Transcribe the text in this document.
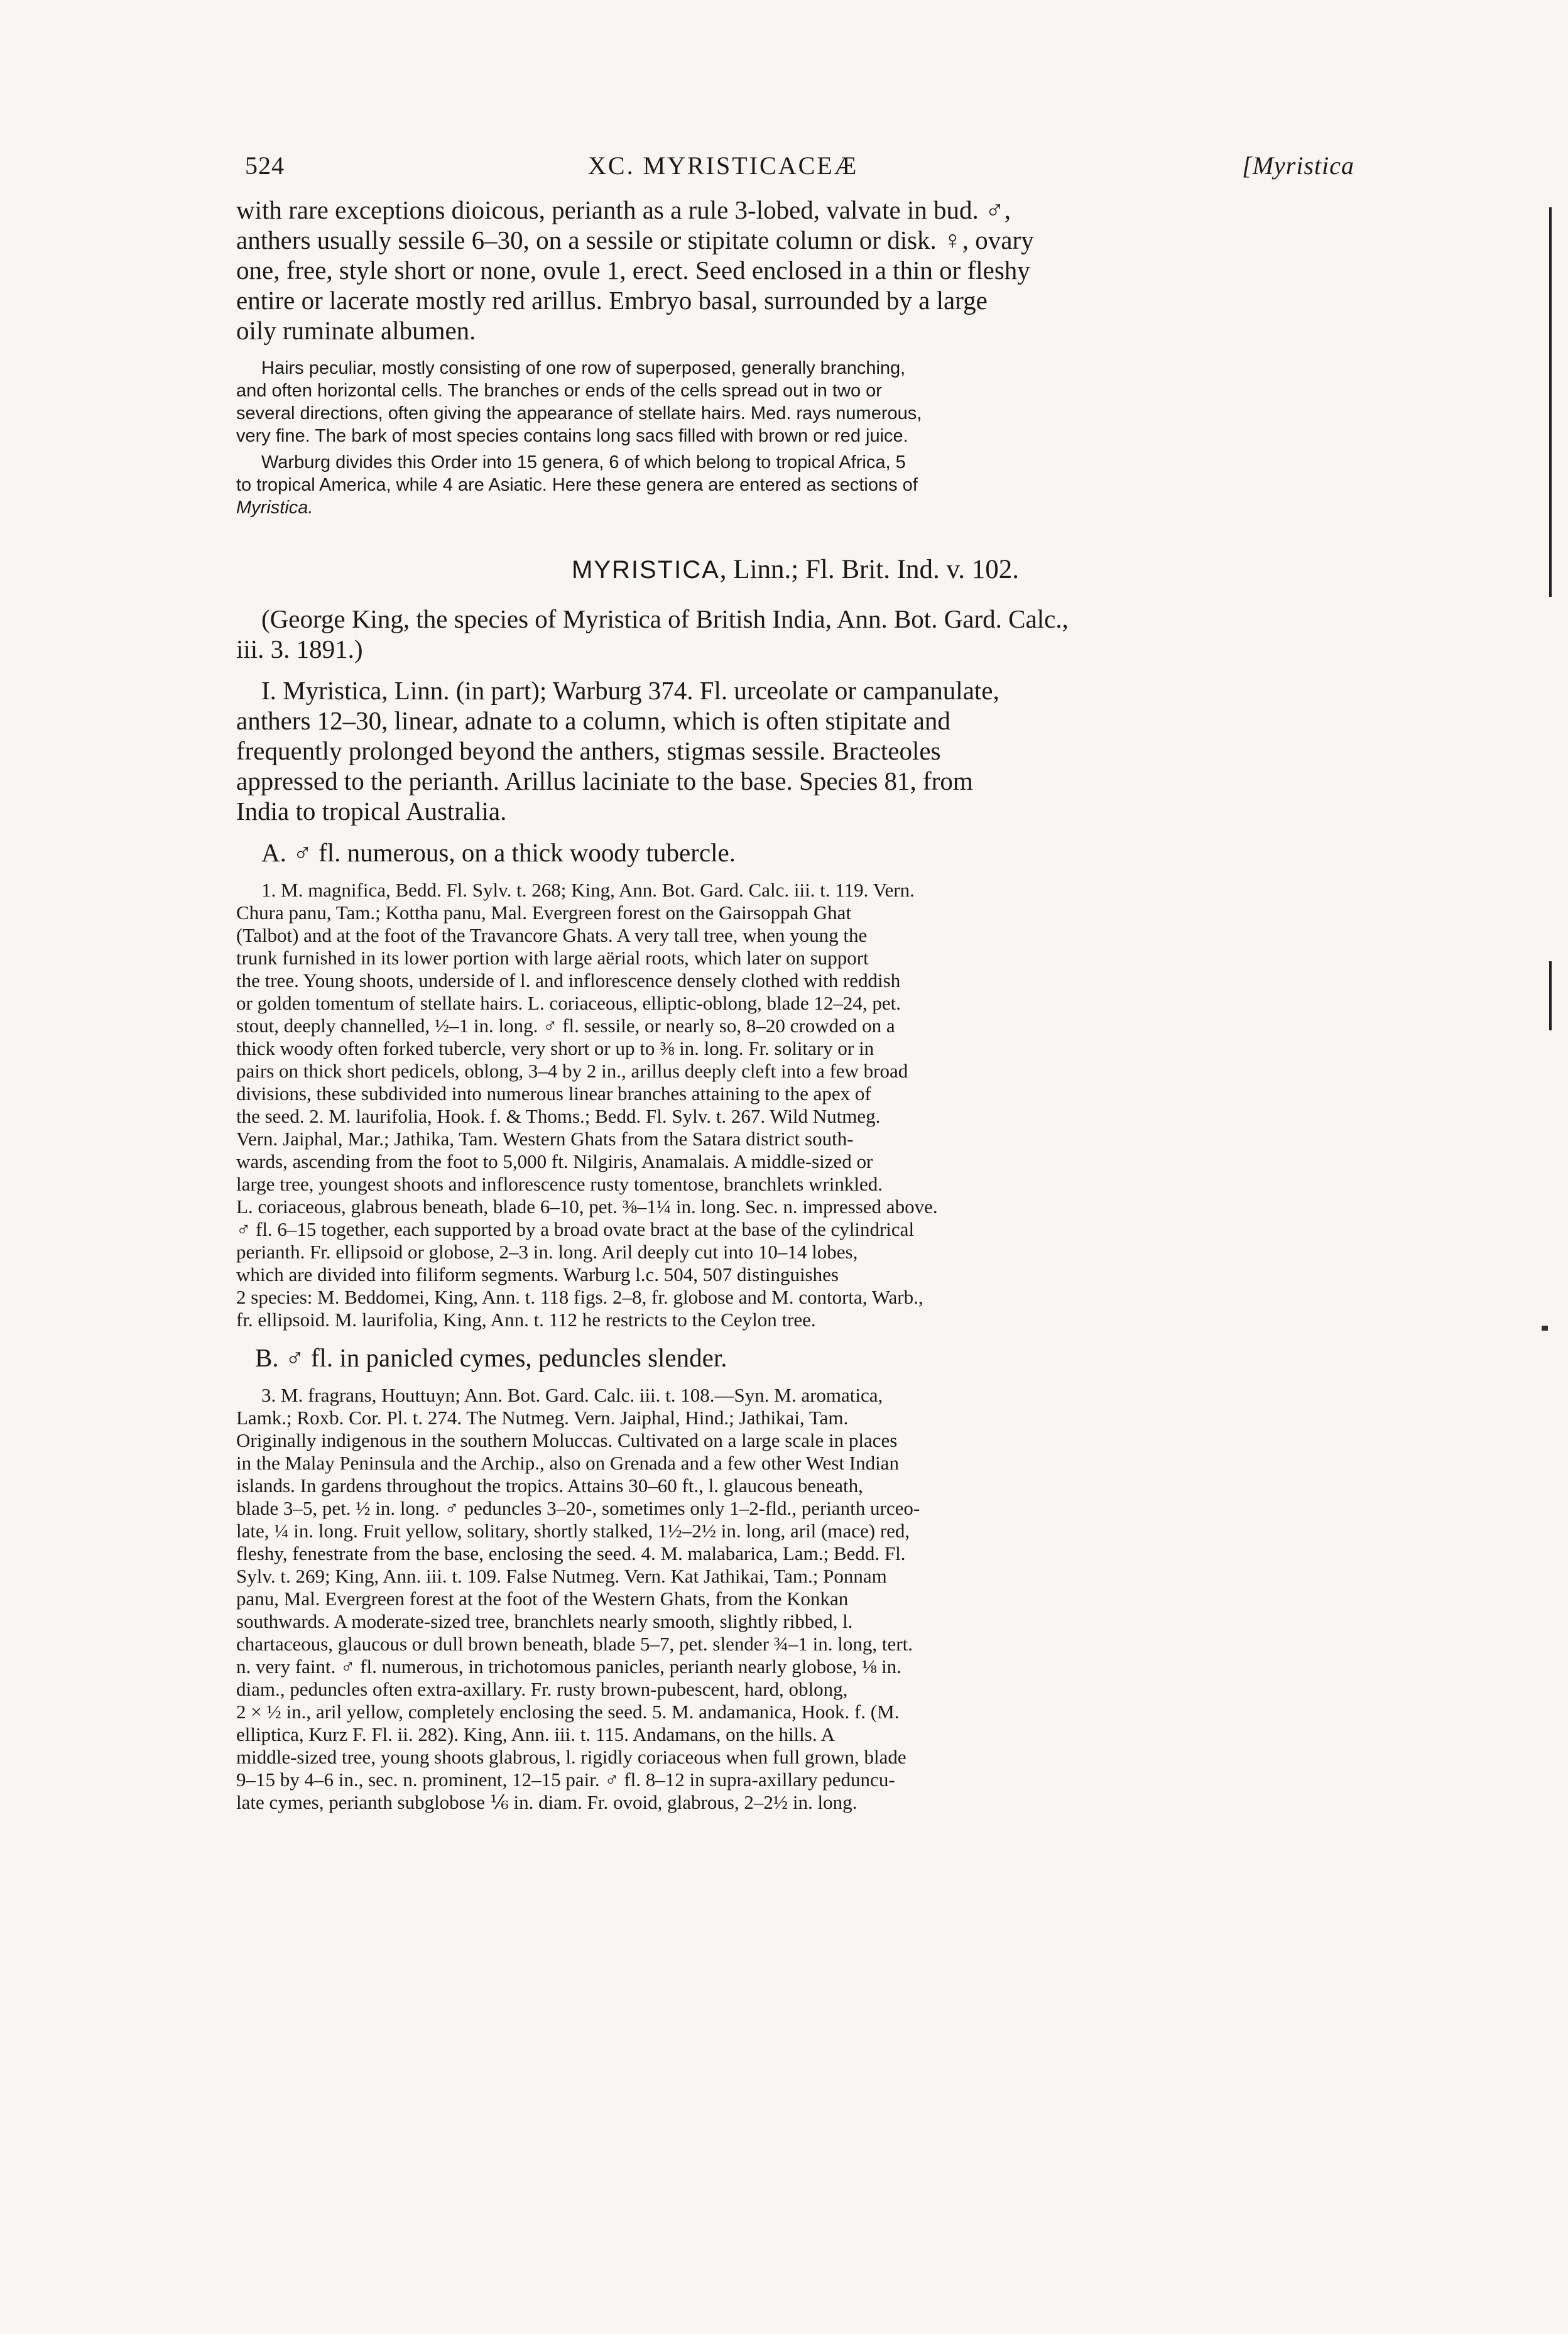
524	XC. MYRISTICACEÆ	[Myristica
with rare exceptions dioicous, perianth as a rule 3-lobed, valvate in bud. ♂,
anthers usually sessile 6–30, on a sessile or stipitate column or disk. ♀, ovary
one, free, style short or none, ovule 1, erect. Seed enclosed in a thin or fleshy
entire or lacerate mostly red arillus. Embryo basal, surrounded by a large
oily ruminate albumen.
Hairs peculiar, mostly consisting of one row of superposed, generally branching,
and often horizontal cells. The branches or ends of the cells spread out in two or
several directions, often giving the appearance of stellate hairs. Med. rays numerous,
very fine. The bark of most species contains long sacs filled with brown or red juice.
Warburg divides this Order into 15 genera, 6 of which belong to tropical Africa, 5
to tropical America, while 4 are Asiatic. Here these genera are entered as sections of
Myristica.
MYRISTICA, Linn.; Fl. Brit. Ind. v. 102.
(George King, the species of Myristica of British India, Ann. Bot. Gard. Calc.,
iii. 3. 1891.)
I. Myristica, Linn. (in part); Warburg 374. Fl. urceolate or campanulate,
anthers 12–30, linear, adnate to a column, which is often stipitate and
frequently prolonged beyond the anthers, stigmas sessile. Bracteoles
appressed to the perianth. Arillus laciniate to the base. Species 81, from
India to tropical Australia.
A. ♂ fl. numerous, on a thick woody tubercle.
1. M. magnifica, Bedd. Fl. Sylv. t. 268; King, Ann. Bot. Gard. Calc. iii. t. 119. Vern.
Chura panu, Tam.; Kottha panu, Mal. Evergreen forest on the Gairsoppah Ghat
(Talbot) and at the foot of the Travancore Ghats. A very tall tree, when young the
trunk furnished in its lower portion with large aërial roots, which later on support
the tree. Young shoots, underside of l. and inflorescence densely clothed with reddish
or golden tomentum of stellate hairs. L. coriaceous, elliptic-oblong, blade 12–24, pet.
stout, deeply channelled, ½–1 in. long. ♂ fl. sessile, or nearly so, 8–20 crowded on a
thick woody often forked tubercle, very short or up to ⅜ in. long. Fr. solitary or in
pairs on thick short pedicels, oblong, 3–4 by 2 in., arillus deeply cleft into a few broad
divisions, these subdivided into numerous linear branches attaining to the apex of
the seed. 2. M. laurifolia, Hook. f. & Thoms.; Bedd. Fl. Sylv. t. 267. Wild Nutmeg.
Vern. Jaiphal, Mar.; Jathika, Tam. Western Ghats from the Satara district south-
wards, ascending from the foot to 5,000 ft. Nilgiris, Anamalais. A middle-sized or
large tree, youngest shoots and inflorescence rusty tomentose, branchlets wrinkled.
L. coriaceous, glabrous beneath, blade 6–10, pet. ⅜–1¼ in. long. Sec. n. impressed above.
♂ fl. 6–15 together, each supported by a broad ovate bract at the base of the cylindrical
perianth. Fr. ellipsoid or globose, 2–3 in. long. Aril deeply cut into 10–14 lobes,
which are divided into filiform segments. Warburg l.c. 504, 507 distinguishes
2 species: M. Beddomei, King, Ann. t. 118 figs. 2–8, fr. globose and M. contorta, Warb.,
fr. ellipsoid. M. laurifolia, King, Ann. t. 112 he restricts to the Ceylon tree.
B. ♂ fl. in panicled cymes, peduncles slender.
3. M. fragrans, Houttuyn; Ann. Bot. Gard. Calc. iii. t. 108.—Syn. M. aromatica,
Lamk.; Roxb. Cor. Pl. t. 274. The Nutmeg. Vern. Jaiphal, Hind.; Jathikai, Tam.
Originally indigenous in the southern Moluccas. Cultivated on a large scale in places
in the Malay Peninsula and the Archip., also on Grenada and a few other West Indian
islands. In gardens throughout the tropics. Attains 30–60 ft., l. glaucous beneath,
blade 3–5, pet. ½ in. long. ♂ peduncles 3–20-, sometimes only 1–2-fld., perianth urceo-
late, ¼ in. long. Fruit yellow, solitary, shortly stalked, 1½–2½ in. long, aril (mace) red,
fleshy, fenestrate from the base, enclosing the seed. 4. M. malabarica, Lam.; Bedd. Fl.
Sylv. t. 269; King, Ann. iii. t. 109. False Nutmeg. Vern. Kat Jathikai, Tam.; Ponnam
panu, Mal. Evergreen forest at the foot of the Western Ghats, from the Konkan
southwards. A moderate-sized tree, branchlets nearly smooth, slightly ribbed, l.
chartaceous, glaucous or dull brown beneath, blade 5–7, pet. slender ¾–1 in. long, tert.
n. very faint. ♂ fl. numerous, in trichotomous panicles, perianth nearly globose, ⅛ in.
diam., peduncles often extra-axillary. Fr. rusty brown-pubescent, hard, oblong,
2 × ½ in., aril yellow, completely enclosing the seed. 5. M. andamanica, Hook. f. (M.
elliptica, Kurz F. Fl. ii. 282). King, Ann. iii. t. 115. Andamans, on the hills. A
middle-sized tree, young shoots glabrous, l. rigidly coriaceous when full grown, blade
9–15 by 4–6 in., sec. n. prominent, 12–15 pair. ♂ fl. 8–12 in supra-axillary peduncu-
late cymes, perianth subglobose ⅙ in. diam. Fr. ovoid, glabrous, 2–2½ in. long.
